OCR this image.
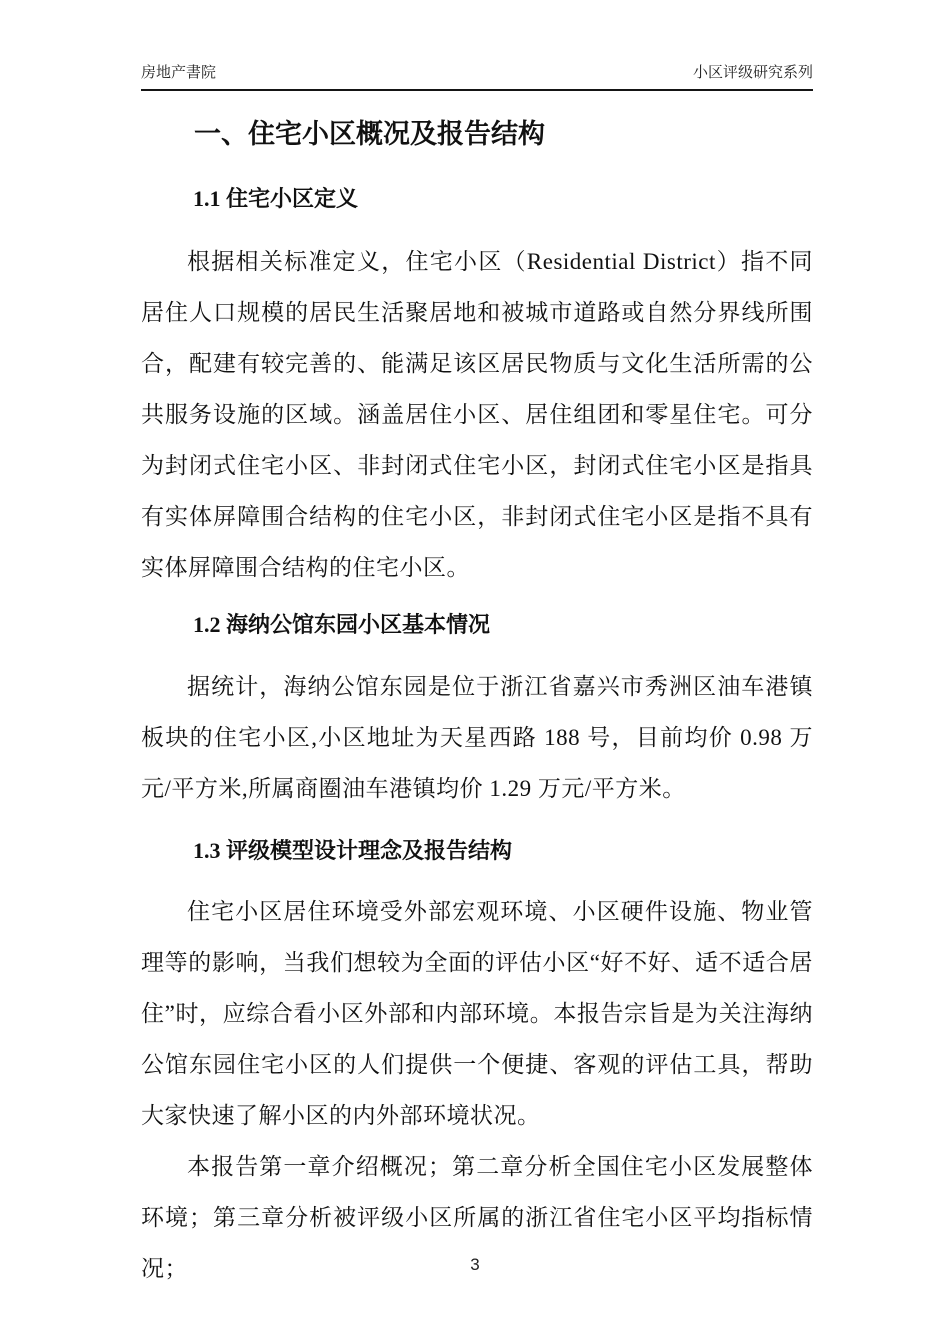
房地产書院	小区评级研究系列
一、住宅小区概况及报告结构
1.1 住宅小区定义

根据相关标准定义，住宅小区（Residential District）指不同居住人口规模的居民生活聚居地和被城市道路或自然分界线所围合，配建有较完善的、能满足该区居民物质与文化生活所需的公共服务设施的区域。涵盖居住小区、居住组团和零星住宅。可分为封闭式住宅小区、非封闭式住宅小区，封闭式住宅小区是指具有实体屏障围合结构的住宅小区，非封闭式住宅小区是指不具有实体屏障围合结构的住宅小区。

1.2 海纳公馆东园小区基本情况

据统计，海纳公馆东园是位于浙江省嘉兴市秀洲区油车港镇板块的住宅小区,小区地址为天星西路 188 号，目前均价 0.98 万元/平方米,所属商圈油车港镇均价 1.29 万元/平方米。

1.3 评级模型设计理念及报告结构

住宅小区居住环境受外部宏观环境、小区硬件设施、物业管理等的影响，当我们想较为全面的评估小区“好不好、适不适合居住”时，应综合看小区外部和内部环境。本报告宗旨是为关注海纳公馆东园住宅小区的人们提供一个便捷、客观的评估工具，帮助大家快速了解小区的内外部环境状况。

本报告第一章介绍概况；第二章分析全国住宅小区发展整体环境；第三章分析被评级小区所属的浙江省住宅小区平均指标情况；	3
